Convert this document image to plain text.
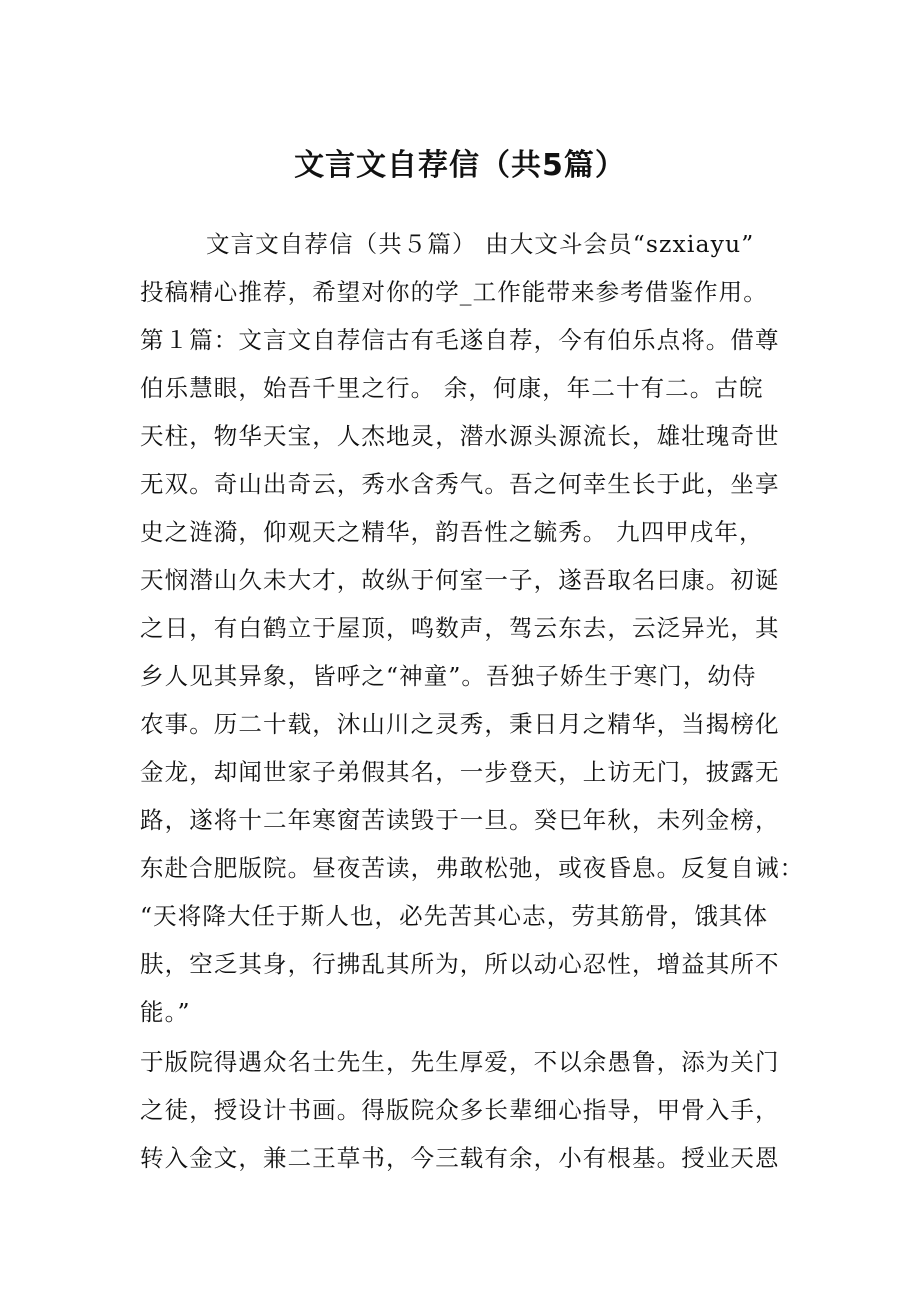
文言文自荐信（共5篇）
文言文自荐信（共５篇） 由大文斗会员“szxiayu”
投稿精心推荐，希望对你的学_工作能带来参考借鉴作用。
第１篇：文言文自荐信古有毛遂自荐，今有伯乐点将。借尊
伯乐慧眼，始吾千里之行。 余，何康，年二十有二。古皖
天柱，物华天宝，人杰地灵，潜水源头源流长，雄壮瑰奇世
无双。奇山出奇云，秀水含秀气。吾之何幸生长于此，坐享
史之涟漪，仰观天之精华，韵吾性之毓秀。 九四甲戌年，
天悯潜山久未大才，故纵于何室一子，遂吾取名曰康。初诞
之日，有白鹤立于屋顶，鸣数声，驾云东去，云泛异光，其
乡人见其异象，皆呼之“神童”。吾独子娇生于寒门，幼侍
农事。历二十载，沐山川之灵秀，秉日月之精华，当揭榜化
金龙，却闻世家子弟假其名，一步登天，上访无门，披露无
路，遂将十二年寒窗苦读毁于一旦。癸巳年秋，未列金榜，
东赴合肥版院。昼夜苦读，弗敢松弛，或夜昏息。反复自诫：
“天将降大任于斯人也，必先苦其心志，劳其筋骨，饿其体
肤，空乏其身，行拂乱其所为，所以动心忍性，增益其所不
能。”
于版院得遇众名士先生，先生厚爱，不以余愚鲁，添为关门
之徒，授设计书画。得版院众多长辈细心指导，甲骨入手，
转入金文，兼二王草书，今三载有余，小有根基。授业天恩
